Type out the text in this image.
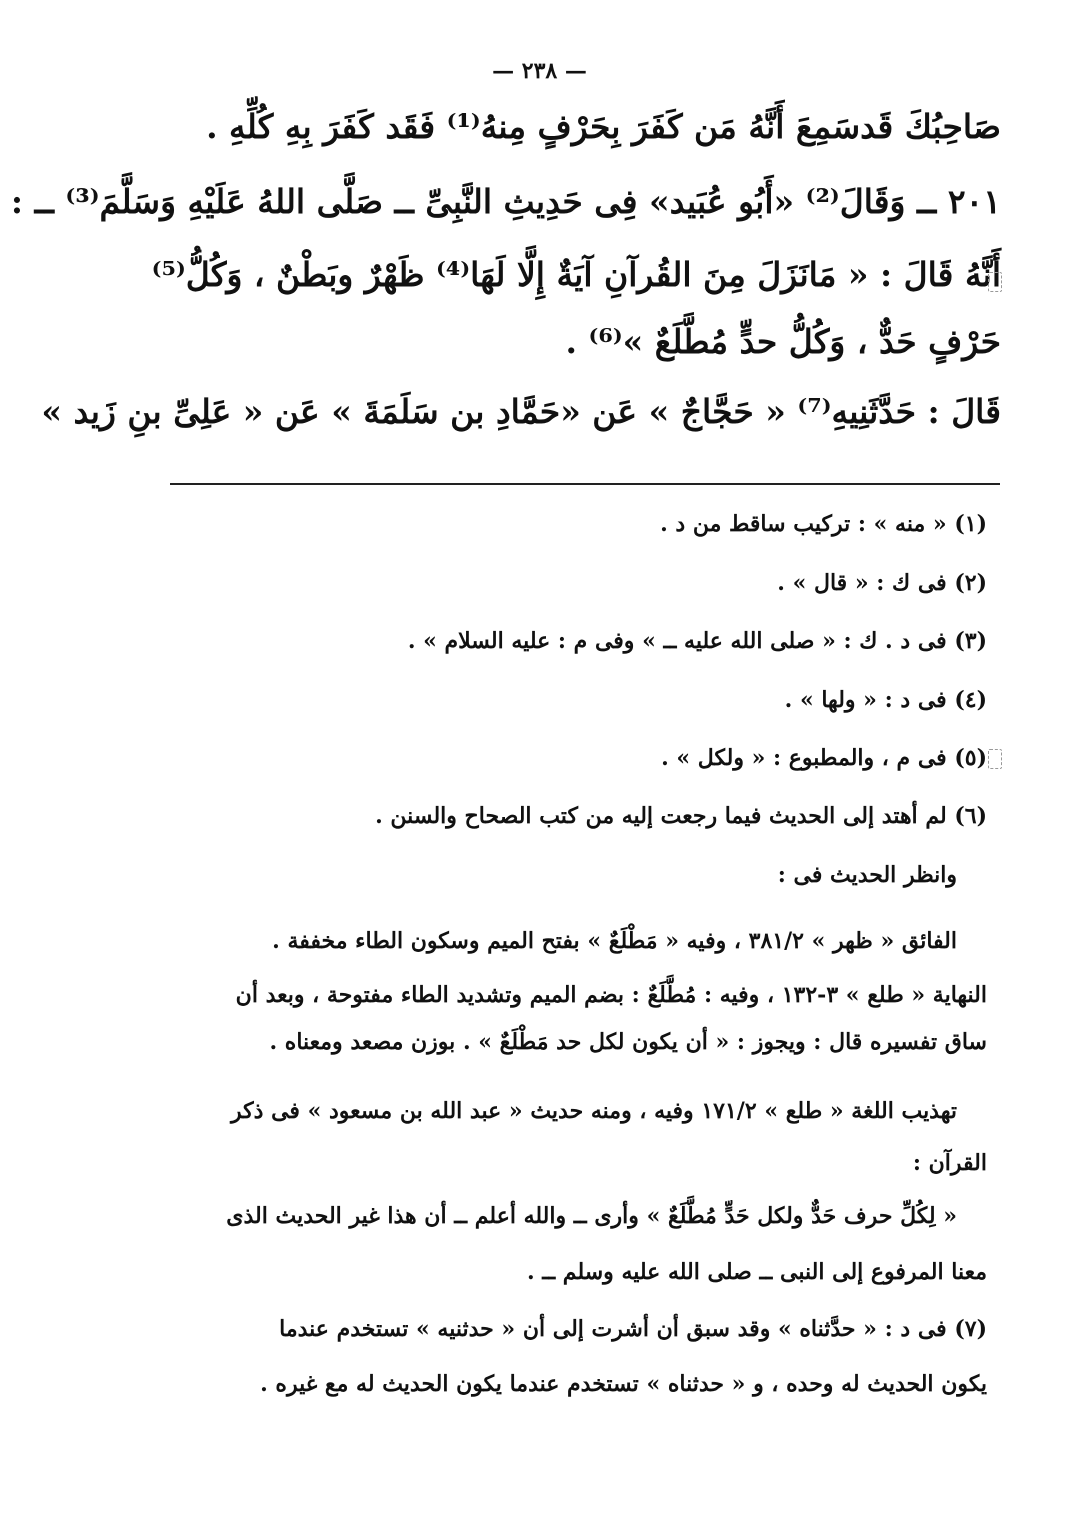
— ٢٣٨ —
صَاحِبُكَ قَدسَمِعَ أَنَّهُ مَن كَفَرَ بِحَرْفٍ مِنهُ⁽¹⁾ فَقَد كَفَرَ بِهِ كُلِّهِ .
٢٠١ ــ وَقَالَ⁽²⁾ «أَبُو عُبَيد» فِى حَدِيثِ النَّبِىِّ ــ صَلَّى اللهُ عَلَيْهِ وَسَلَّمَ⁽³⁾ ــ :
أَنَّهُ قَالَ : « مَانَزَلَ مِنَ القُرآنِ آيَةٌ إِلَّا لَهَا⁽⁴⁾ ظَهْرٌ وبَطْنٌ ، وَكُلُّ⁽⁵⁾
حَرْفٍ حَدٌّ ، وَكُلُّ حدٍّ مُطَّلَعٌ »⁽⁶⁾ .
قَالَ : حَدَّثَنِيهِ⁽⁷⁾ « حَجَّاجٌ » عَن «حَمَّادِ بن سَلَمَةَ » عَن « عَلِىِّ بنِ زَيد »
(١) « منه » : تركيب ساقط من د .
(٢) فى ك : « قال » .
(٣) فى د . ك : « صلى الله عليه ــ » وفى م : عليه السلام » .
(٤) فى د : « ولها » .
(٥) فى م ، والمطبوع : « ولكل » .
(٦) لم أهتد إلى الحديث فيما رجعت إليه من كتب الصحاح والسنن .
وانظر الحديث فى :
الفائق « ظهر » ٣٨١/٢ ، وفيه « مَطْلَعٌ » بفتح الميم وسكون الطاء مخففة .
النهاية « طلع » ٣-١٣٢ ، وفيه : مُطَّلَعٌ : بضم الميم وتشديد الطاء مفتوحة ، وبعد أن
ساق تفسيره قال : ويجوز : « أن يكون لكل حد مَطْلَعٌ » . بوزن مصعد ومعناه .
تهذيب اللغة « طلع » ١٧١/٢ وفيه ، ومنه حديث « عبد الله بن مسعود » فى ذكر
القرآن :
« لِكُلِّ حرف حَدٌّ ولكل حَدٍّ مُطَّلَعٌ » وأرى ــ والله أعلم ــ أن هذا غير الحديث الذى
معنا المرفوع إلى النبى ــ صلى الله عليه وسلم ــ .
(٧) فى د : « حدَّثناه » وقد سبق أن أشرت إلى أن « حدثنيه » تستخدم عندما
يكون الحديث له وحده ، و « حدثناه » تستخدم عندما يكون الحديث له مع غيره .
